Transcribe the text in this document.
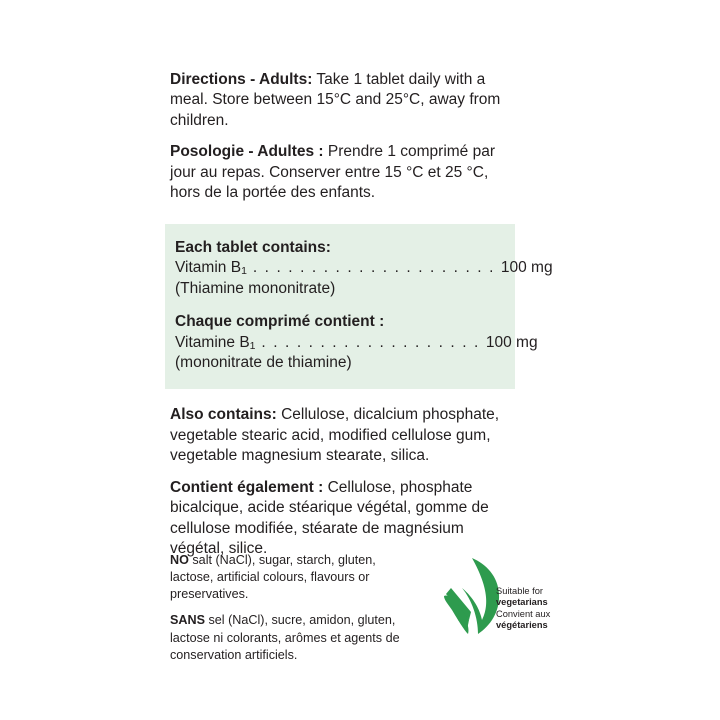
Directions - Adults: Take 1 tablet daily with a meal. Store between 15°C and 25°C, away from children.

Posologie - Adultes : Prendre 1 comprimé par jour au repas. Conserver entre 15 °C et 25 °C, hors de la portée des enfants.

Each tablet contains:
Vitamin $B_1$ . . . . . . . . . . . . . . . . . . . . . 100 mg
(Thiamine mononitrate)
Chaque comprimé contient :
Vitamine $B_1$ . . . . . . . . . . . . . . . . . . . 100 mg
(mononitrate de thiamine)

Also contains: Cellulose, dicalcium phosphate, vegetable stearic acid, modified cellulose gum, vegetable magnesium stearate, silica.

Contient également : Cellulose, phosphate bicalcique, acide stéarique végétal, gomme de cellulose modifiée, stéarate de magnésium végétal, silice.

NO salt (NaCl), sugar, starch, gluten, lactose, artificial colours, flavours or preservatives.
SANS sel (NaCl), sucre, amidon, gluten, lactose ni colorants, arômes et agents de conservation artificiels.
Suitable for
vegetarians
Convient aux
végétariens
